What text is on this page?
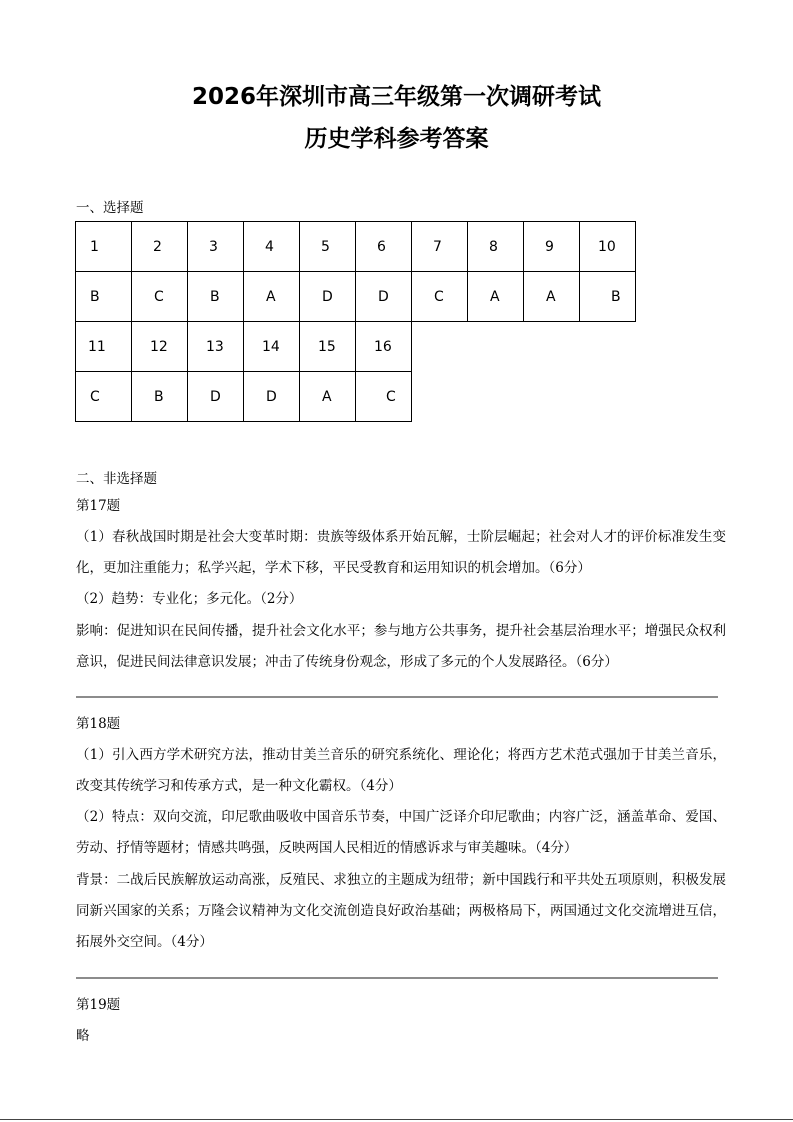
2026年深圳市高三年级第一次调研考试
历史学科参考答案

一、选择题

1	2	3	4	5	6	7	8	9	10
B	C	B	A	D	D	C	A	A	B
11	12	13	14	15	16				
C	B	D	D	A	C				

二、非选择题

第17题

（1）春秋战国时期是社会大变革时期：贵族等级体系开始瓦解，士阶层崛起；社会对人才的评价标准发生变化，更加注重能力；私学兴起，学术下移，平民受教育和运用知识的机会增加。（6分）

（2）趋势：专业化；多元化。（2分）

影响：促进知识在民间传播，提升社会文化水平；参与地方公共事务，提升社会基层治理水平；增强民众权利意识，促进民间法律意识发展；冲击了传统身份观念，形成了多元的个人发展路径。（6分）

第18题

（1）引入西方学术研究方法，推动甘美兰音乐的研究系统化、理论化；将西方艺术范式强加于甘美兰音乐，改变其传统学习和传承方式，是一种文化霸权。（4分）

（2）特点：双向交流，印尼歌曲吸收中国音乐节奏，中国广泛译介印尼歌曲；内容广泛，涵盖革命、爱国、劳动、抒情等题材；情感共鸣强，反映两国人民相近的情感诉求与审美趣味。（4分）

背景：二战后民族解放运动高涨，反殖民、求独立的主题成为纽带；新中国践行和平共处五项原则，积极发展同新兴国家的关系；万隆会议精神为文化交流创造良好政治基础；两极格局下，两国通过文化交流增进互信，拓展外交空间。（4分）

第19题

略
